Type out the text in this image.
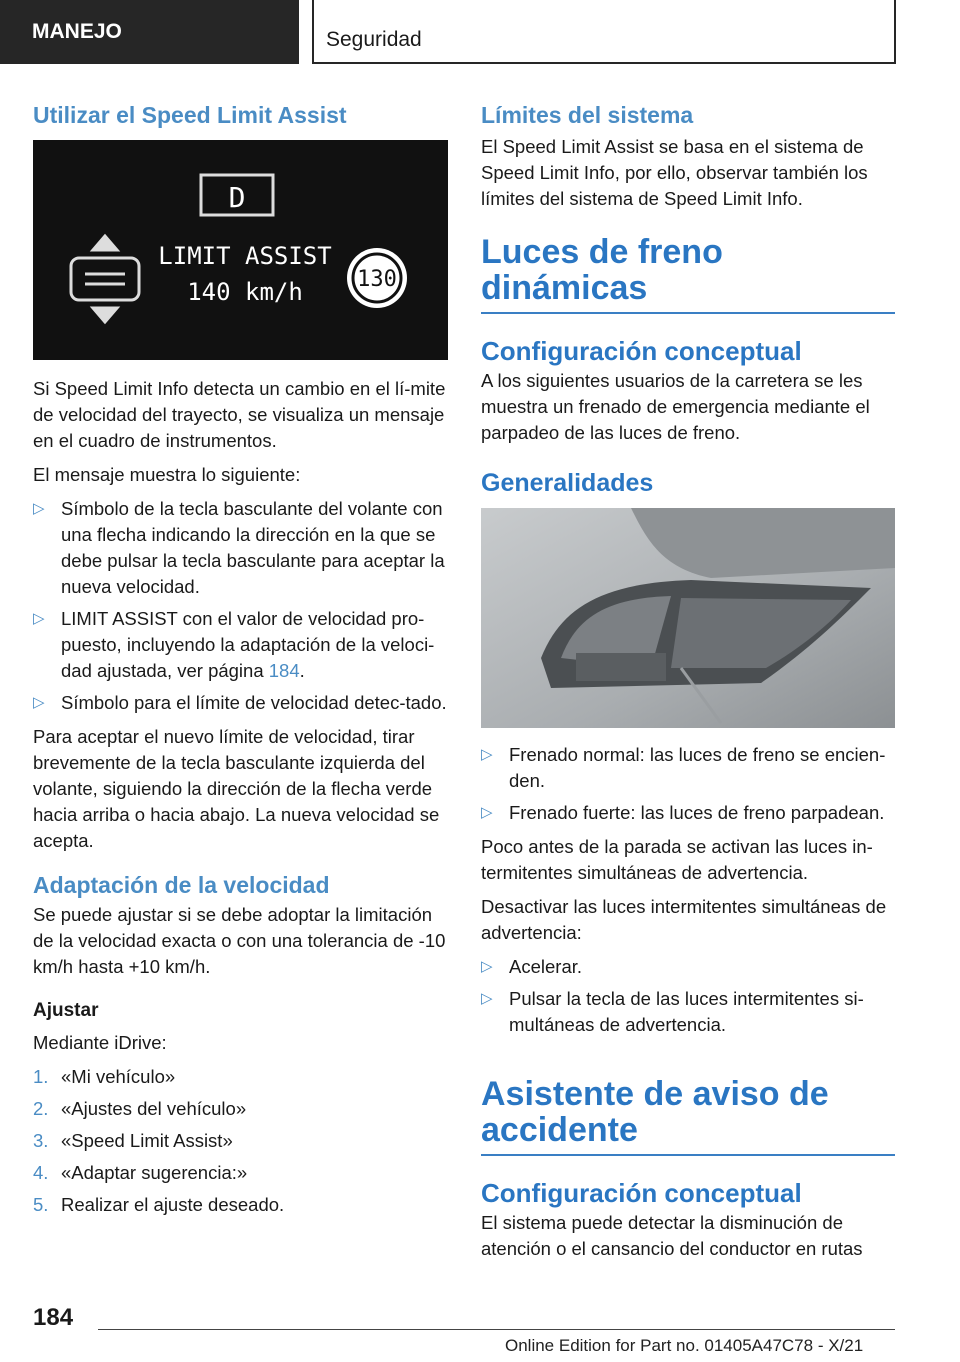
MANEJO	Seguridad
Utilizar el Speed Limit Assist
D
LIMIT ASSIST
140 km/h 130

Si Speed Limit Info detecta un cambio en el lí-mite de velocidad del trayecto, se visualiza un mensaje en el cuadro de instrumentos.

El mensaje muestra lo siguiente:

▷ Símbolo de la tecla basculante del volante con una flecha indicando la dirección en la que se debe pulsar la tecla basculante para aceptar la nueva velocidad.
▷ LIMIT ASSIST con el valor de velocidad pro-puesto, incluyendo la adaptación de la veloci-dad ajustada, ver página 184.
▷ Símbolo para el límite de velocidad detec-tado.

Para aceptar el nuevo límite de velocidad, tirar brevemente de la tecla basculante izquierda del volante, siguiendo la dirección de la flecha verde hacia arriba o hacia abajo. La nueva velocidad se acepta.

Adaptación de la velocidad

Se puede ajustar si se debe adoptar la limitación de la velocidad exacta o con una tolerancia de -10 km/h hasta +10 km/h.

Ajustar

Mediante iDrive:

1. «Mi vehículo»
2. «Ajustes del vehículo»
3. «Speed Limit Assist»
4. «Adaptar sugerencia:»
5. Realizar el ajuste deseado.
Límites del sistema

El Speed Limit Assist se basa en el sistema de Speed Limit Info, por ello, observar también los límites del sistema de Speed Limit Info.

Luces de freno dinámicas
Configuración conceptual

A los siguientes usuarios de la carretera se les muestra un frenado de emergencia mediante el parpadeo de las luces de freno.

Generalidades
▷ Frenado normal: las luces de freno se encien-den.
▷ Frenado fuerte: las luces de freno parpadean.

Poco antes de la parada se activan las luces in-termitentes simultáneas de advertencia.

Desactivar las luces intermitentes simultáneas de advertencia:

▷ Acelerar.
▷ Pulsar la tecla de las luces intermitentes si-multáneas de advertencia.
Asistente de aviso de accidente
Configuración conceptual

El sistema puede detectar la disminución de atención o el cansancio del conductor en rutas

184
Online Edition for Part no. 01405A47C78 - X/21
